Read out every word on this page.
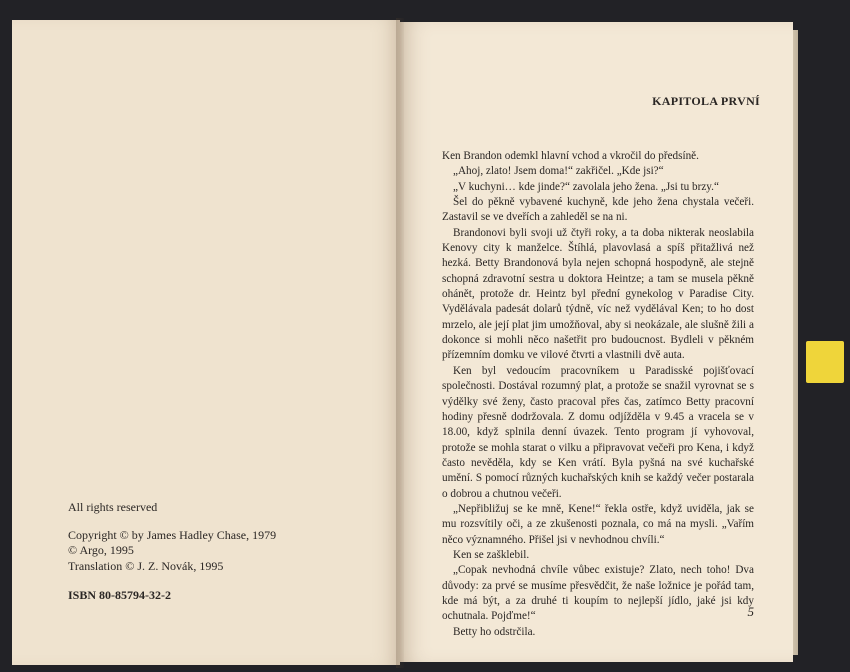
All rights reserved

Copyright © by James Hadley Chase, 1979

© Argo, 1995

Translation © J. Z. Novák, 1995

ISBN 80-85794-32-2

KAPITOLA PRVNÍ

Ken Brandon odemkl hlavní vchod a vkročil do předsíně.

„Ahoj, zlato! Jsem doma!“ zakřičel. „Kde jsi?“

„V kuchyni… kde jinde?“ zavolala jeho žena. „Jsi tu brzy.“

Šel do pěkně vybavené kuchyně, kde jeho žena chystala večeři. Zastavil se ve dveřích a zahleděl se na ni.

Brandonovi byli svoji už čtyři roky, a ta doba nikterak neoslabila Kenovy city k manželce. Štíhlá, plavovlasá a spíš přitažlivá než hezká. Betty Brandonová byla nejen schopná hospodyně, ale stejně schopná zdravotní sestra u doktora Heintze; a tam se musela pěkně ohánět, protože dr. Heintz byl přední gynekolog v Paradise City. Vydělávala padesát dolarů týdně, víc než vydělával Ken; to ho dost mrzelo, ale její plat jim umožňoval, aby si neokázale, ale slušně žili a dokonce si mohli něco našetřit pro budoucnost. Bydleli v pěkném přízemním domku ve vilové čtvrti a vlastnili dvě auta.

Ken byl vedoucím pracovníkem u Paradisské pojišťovací společnosti. Dostával rozumný plat, a protože se snažil vyrovnat se s výdělky své ženy, často pracoval přes čas, zatímco Betty pracovní hodiny přesně dodržovala. Z domu odjížděla v 9.45 a vracela se v 18.00, když splnila denní úvazek. Tento program jí vyhovoval, protože se mohla starat o vilku a připravovat večeři pro Kena, i když často nevěděla, kdy se Ken vrátí. Byla pyšná na své kuchařské umění. S pomocí různých kuchařských knih se každý večer postarala o dobrou a chutnou večeři.

„Nepřibližuj se ke mně, Kene!“ řekla ostře, když uviděla, jak se mu rozsvítily oči, a ze zkušenosti poznala, co má na mysli. „Vařím něco významného. Přišel jsi v nevhodnou chvíli.“

Ken se zašklebil.

„Copak nevhodná chvíle vůbec existuje? Zlato, nech toho! Dva důvody: za prvé se musíme přesvědčit, že naše ložnice je pořád tam, kde má být, a za druhé ti koupím to nejlepší jídlo, jaké jsi kdy ochutnala. Pojďme!“

Betty ho odstrčila.

5
